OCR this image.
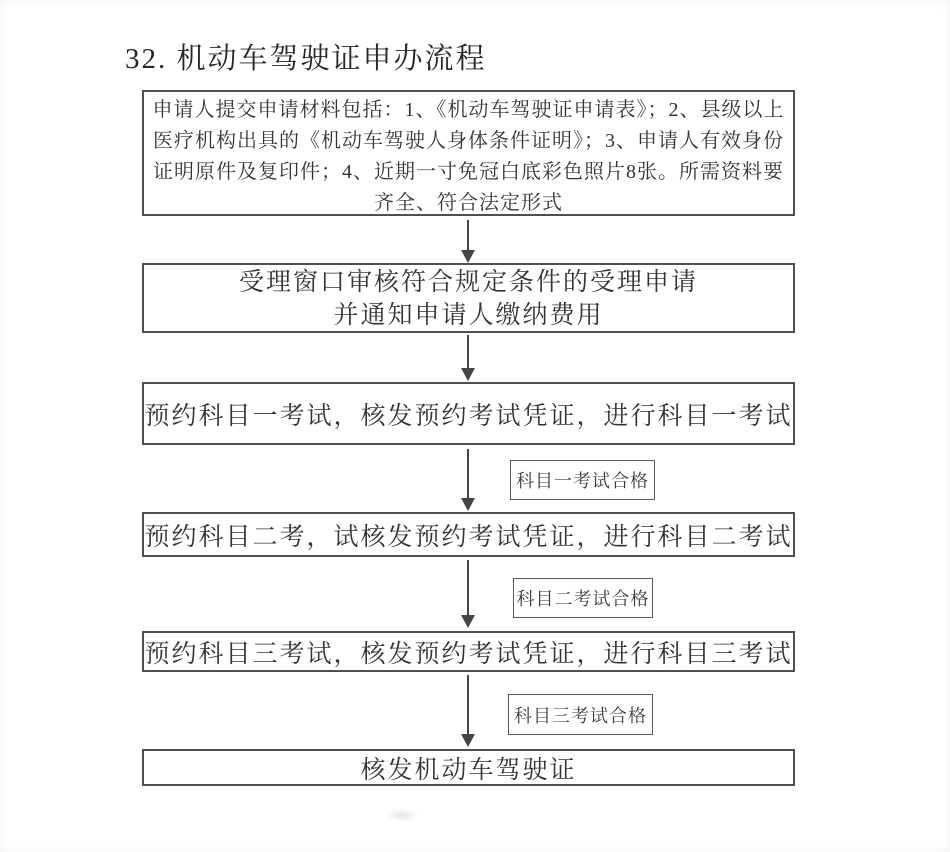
32. 机动车驾驶证申办流程
申请人提交申请材料包括：1、《机动车驾驶证申请表》；2、县级以上医疗机构出具的《机动车驾驶人身体条件证明》；3、申请人有效身份证明原件及复印件；4、近期一寸免冠白底彩色照片8张。所需资料要齐全、符合法定形式
受理窗口审核符合规定条件的受理申请
并通知申请人缴纳费用
预约科目一考试，核发预约考试凭证，进行科目一考试
科目一考试合格
预约科目二考，试核发预约考试凭证，进行科目二考试
科目二考试合格
预约科目三考试，核发预约考试凭证，进行科目三考试
科目三考试合格
核发机动车驾驶证
